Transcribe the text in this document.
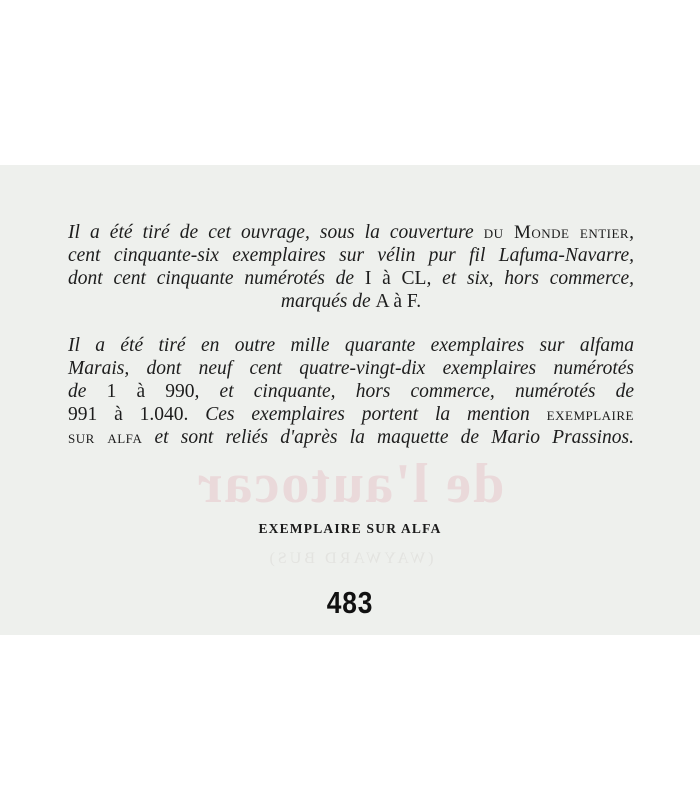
de l'autocar
(WAYWARD BUS)
Il a été tiré de cet ouvrage, sous la couverture du Monde entier,
cent cinquante-six exemplaires sur vélin pur fil Lafuma-Navarre,
dont cent cinquante numérotés de I à CL, et six, hors commerce,
marqués de A à F.
Il a été tiré en outre mille quarante exemplaires sur alfama
Marais, dont neuf cent quatre-vingt-dix exemplaires numérotés
de 1 à 990, et cinquante, hors commerce, numérotés de
991 à 1.040. Ces exemplaires portent la mention exemplaire
sur alfa et sont reliés d'après la maquette de Mario Prassinos.
EXEMPLAIRE SUR ALFA
483
